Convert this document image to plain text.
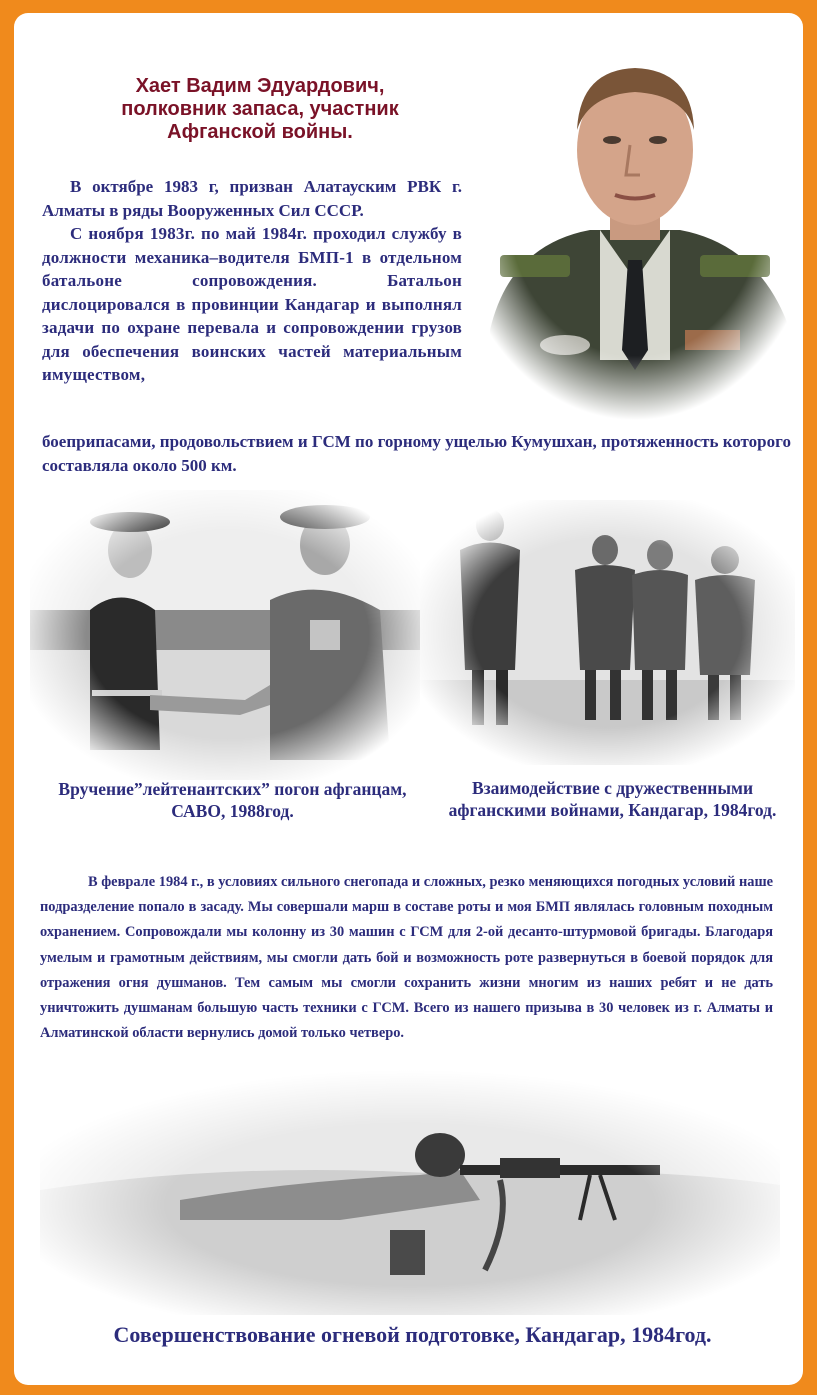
Хает Вадим Эдуардович,
полковник запаса, участник
Афганской войны.

В октябре 1983 г, призван Алатауским РВК г. Алматы в ряды Вооруженных Сил СССР.

С ноября 1983г. по май 1984г. проходил службу в должности механика–водителя БМП-1 в отдельном батальоне сопровождения. Батальон дислоцировался в провинции Кандагар и выполнял задачи по охране перевала и сопровождении грузов для обеспечения воинских частей материальным имуществом,

боеприпасами, продовольствием и ГСМ по горному ущелью Кумушхан, протяженность которого составляла около 500 км.

Вручение”лейтенантских” погон афганцам, САВО, 1988год.
Взаимодействие с дружественными афганскими войнами, Кандагар, 1984год.

В феврале 1984 г., в условиях сильного снегопада и сложных, резко меняющихся погодных условий наше подразделение попало в засаду. Мы совершали марш в составе роты и моя БМП являлась головным походным охранением. Сопровождали мы колонну из 30 машин с ГСМ для 2-ой десанто-штурмовой бригады. Благодаря умелым и грамотным действиям, мы смогли дать бой и возможность роте развернуться в боевой порядок для отражения огня душманов. Тем самым мы смогли сохранить жизни многим из наших ребят и не дать уничтожить душманам большую часть техники с ГСМ. Всего из нашего призыва в 30 человек из г. Алматы и Алматинской области вернулись домой только четверо.

Совершенствование огневой подготовке, Кандагар, 1984год.
